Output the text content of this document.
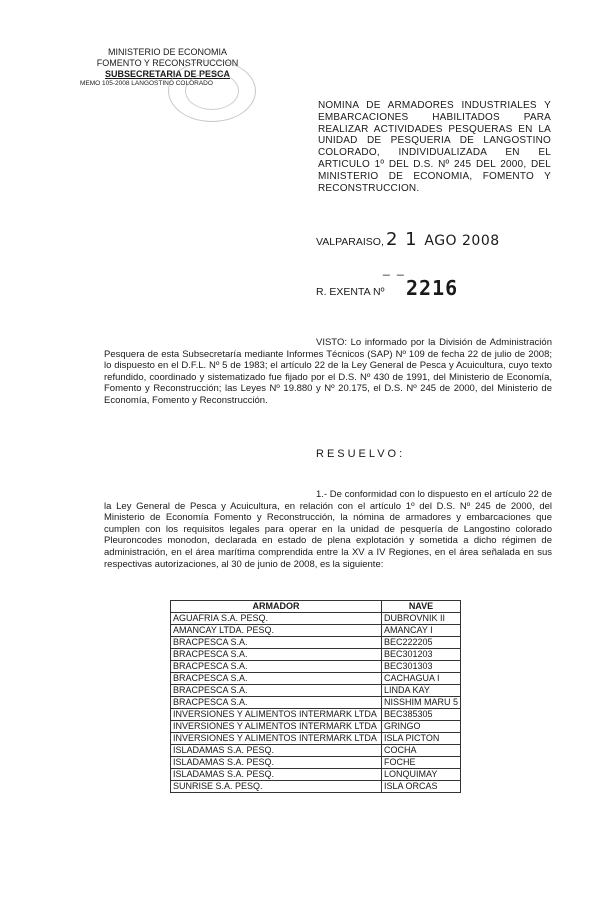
MINISTERIO DE ECONOMIA
FOMENTO Y RECONSTRUCCION
SUBSECRETARIA DE PESCA
MEMO 105-2008 LANGOSTINO COLORADO
NOMINA DE ARMADORES INDUSTRIALES Y EMBARCACIONES HABILITADOS PARA REALIZAR ACTIVIDADES PESQUERAS EN LA UNIDAD DE PESQUERIA DE LANGOSTINO COLORADO, INDIVIDUALIZADA EN EL ARTICULO 1º DEL D.S. Nº 245 DEL 2000, DEL MINISTERIO DE ECONOMIA, FOMENTO Y RECONSTRUCCION.
VALPARAISO, 2 1 AGO 2008
_ _
R. EXENTA Nº 2216
VISTO: Lo informado por la División de Administración Pesquera de esta Subsecretaría mediante Informes Técnicos (SAP) Nº 109 de fecha 22 de julio de 2008; lo dispuesto en el D.F.L. Nº 5 de 1983; el artículo 22 de la Ley General de Pesca y Acuicultura, cuyo texto refundido, coordinado y sistematizado fue fijado por el D.S. Nº 430 de 1991, del Ministerio de Economía, Fomento y Reconstrucción; las Leyes Nº 19.880 y Nº 20.175, el D.S. Nº 245 de 2000, del Ministerio de Economía, Fomento y Reconstrucción.
RESUELVO:
1.- De conformidad con lo dispuesto en el artículo 22 de la Ley General de Pesca y Acuicultura, en relación con el artículo 1º del D.S. Nº 245 de 2000, del Ministerio de Economía Fomento y Reconstrucción, la nómina de armadores y embarcaciones que cumplen con los requisitos legales para operar en la unidad de pesquería de Langostino colorado Pleuroncodes monodon, declarada en estado de plena explotación y sometida a dicho régimen de administración, en el área marítima comprendida entre la XV a IV Regiones, en el área señalada en sus respectivas autorizaciones, al 30 de junio de 2008, es la siguiente:
ARMADOR	NAVE
AGUAFRIA S.A. PESQ.	DUBROVNIK II
AMANCAY LTDA. PESQ.	AMANCAY I
BRACPESCA S.A.	BEC222205
BRACPESCA S.A.	BEC301203
BRACPESCA S.A.	BEC301303
BRACPESCA S.A.	CACHAGUA I
BRACPESCA S.A.	LINDA KAY
BRACPESCA S.A.	NISSHIM MARU 5
INVERSIONES Y ALIMENTOS INTERMARK LTDA	BEC385305
INVERSIONES Y ALIMENTOS INTERMARK LTDA	GRINGO
INVERSIONES Y ALIMENTOS INTERMARK LTDA	ISLA PICTON
ISLADAMAS S.A. PESQ.	COCHA
ISLADAMAS S.A. PESQ.	FOCHE
ISLADAMAS S.A. PESQ.	LONQUIMAY
SUNRISE S.A. PESQ.	ISLA ORCAS
